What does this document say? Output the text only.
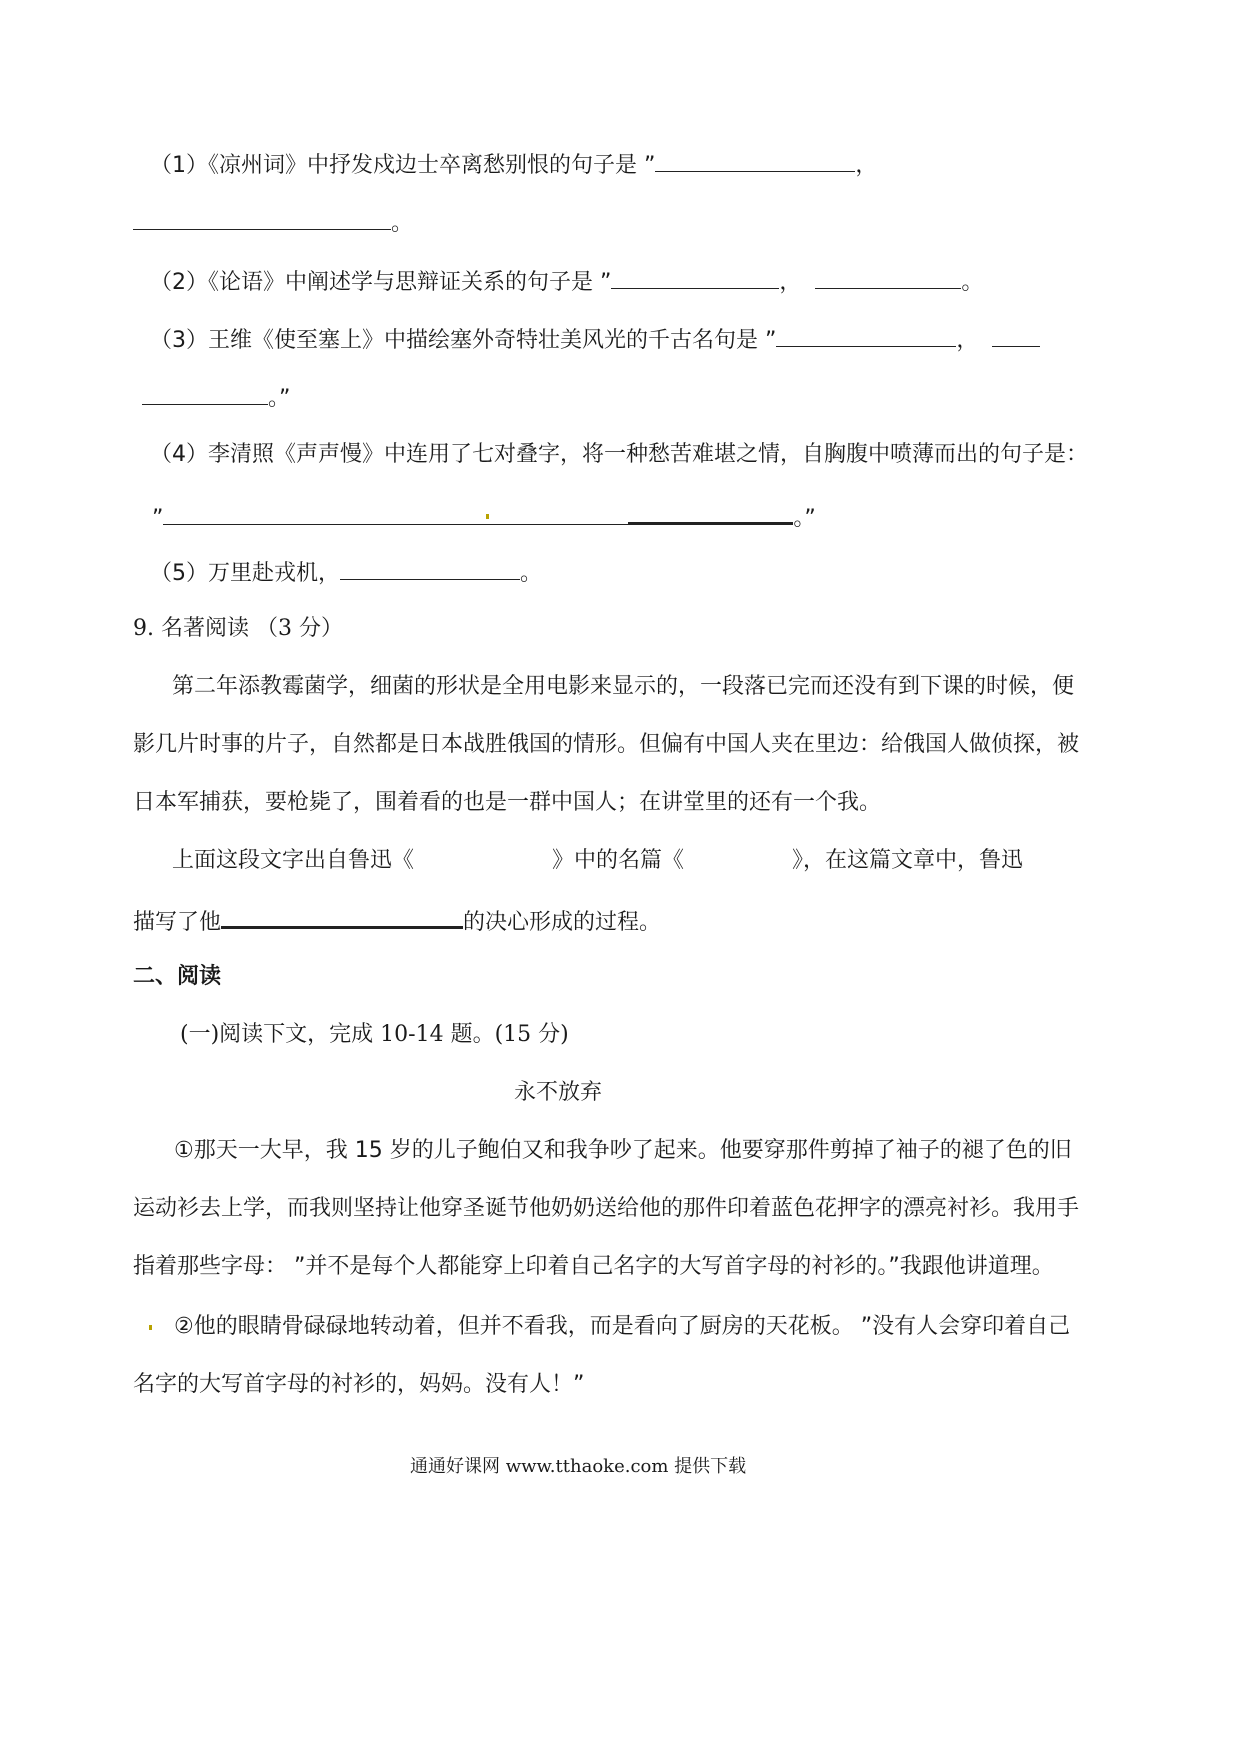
（1）《凉州词》中抒发戍边士卒离愁别恨的句子是 ”	，
。
（2）《论语》中阐述学与思辩证关系的句子是 ”	，	。
（3）王维《使至塞上》中描绘塞外奇特壮美风光的千古名句是 ”	，
。”
（4）李清照《声声慢》中连用了七对叠字，将一种愁苦难堪之情，自胸腹中喷薄而出的句子是：
”	。”
（5）万里赴戎机，	。
9. 名著阅读 （3 分）
第二年添教霉菌学，细菌的形状是全用电影来显示的，一段落已完而还没有到下课的时候，便
影几片时事的片子，自然都是日本战胜俄国的情形。但偏有中国人夹在里边：给俄国人做侦探，被
日本军捕获，要枪毙了，围着看的也是一群中国人；在讲堂里的还有一个我。
上面这段文字出自鲁迅《	》中的名篇《	》，在这篇文章中，鲁迅
描写了他	的决心形成的过程。
二、阅读
(一)阅读下文，完成 10-14 题。(15 分)
永不放弃
①那天一大早，我 15 岁的儿子鲍伯又和我争吵了起来。他要穿那件剪掉了袖子的褪了色的旧
运动衫去上学，而我则坚持让他穿圣诞节他奶奶送给他的那件印着蓝色花押字的漂亮衬衫。我用手
指着那些字母： ”并不是每个人都能穿上印着自己名字的大写首字母的衬衫的。”我跟他讲道理。
②他的眼睛骨碌碌地转动着，但并不看我，而是看向了厨房的天花板。 ”没有人会穿印着自己
名字的大写首字母的衬衫的，妈妈。没有人！”
通通好课网 www.tthaoke.com 提供下载
